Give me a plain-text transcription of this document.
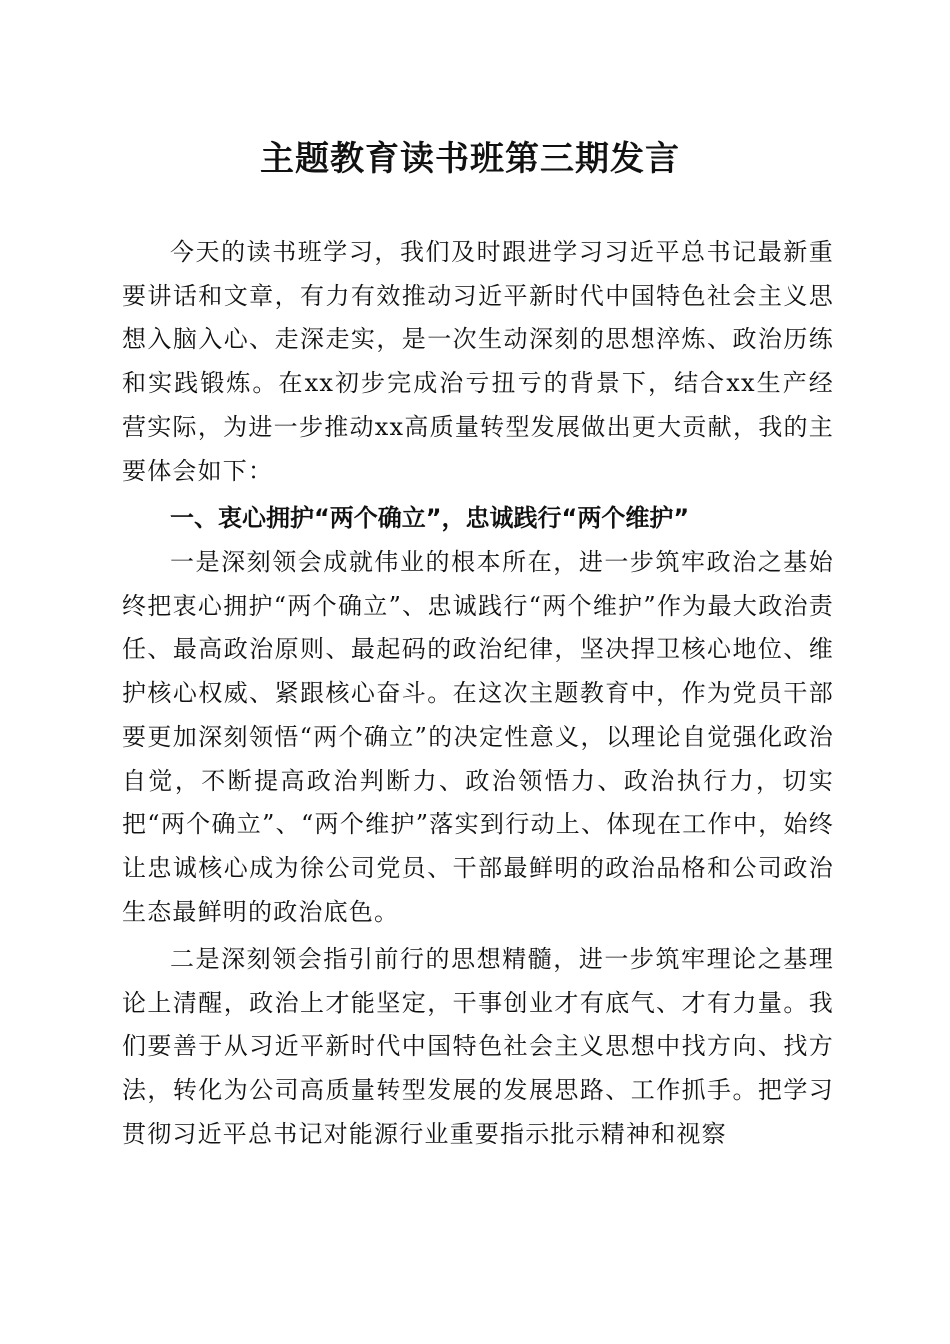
主题教育读书班第三期发言

今天的读书班学习，我们及时跟进学习习近平总书记最新重要讲话和文章，有力有效推动习近平新时代中国特色社会主义思想入脑入心、走深走实，是一次生动深刻的思想淬炼、政治历练和实践锻炼。在xx初步完成治亏扭亏的背景下，结合xx生产经营实际，为进一步推动xx高质量转型发展做出更大贡献，我的主要体会如下：

一、衷心拥护“两个确立”，忠诚践行“两个维护”

一是深刻领会成就伟业的根本所在，进一步筑牢政治之基始终把衷心拥护“两个确立”、忠诚践行“两个维护”作为最大政治责任、最高政治原则、最起码的政治纪律，坚决捍卫核心地位、维护核心权威、紧跟核心奋斗。在这次主题教育中，作为党员干部要更加深刻领悟“两个确立”的决定性意义，以理论自觉强化政治自觉，不断提高政治判断力、政治领悟力、政治执行力，切实把“两个确立”、“两个维护”落实到行动上、体现在工作中，始终让忠诚核心成为徐公司党员、干部最鲜明的政治品格和公司政治生态最鲜明的政治底色。

二是深刻领会指引前行的思想精髓，进一步筑牢理论之基理论上清醒，政治上才能坚定，干事创业才有底气、才有力量。我们要善于从习近平新时代中国特色社会主义思想中找方向、找方法，转化为公司高质量转型发展的发展思路、工作抓手。把学习贯彻习近平总书记对能源行业重要指示批示精神和视察
